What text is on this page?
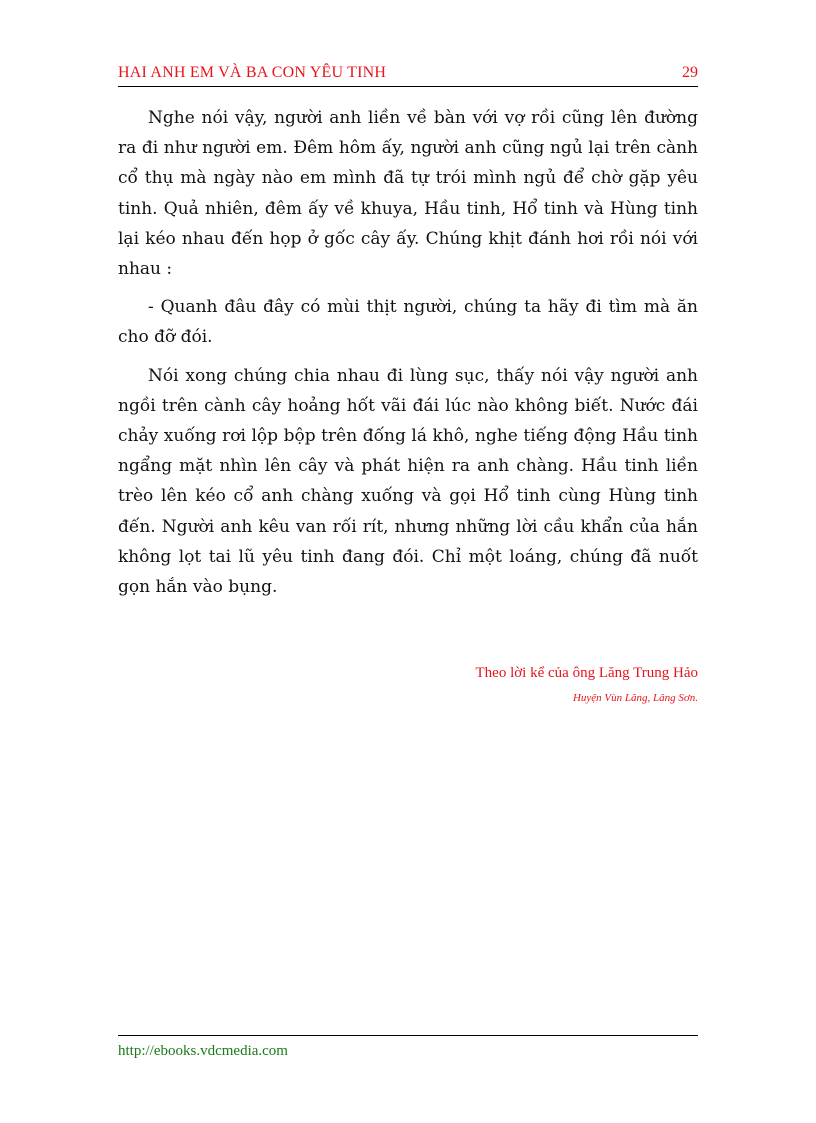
HAI ANH EM VÀ BA CON YÊU TINH	29

Nghe nói vậy, người anh liền về bàn với vợ rồi cũng lên đường ra đi như người em. Đêm hôm ấy, người anh cũng ngủ lại trên cành cổ thụ mà ngày nào em mình đã tự trói mình ngủ để chờ gặp yêu tinh. Quả nhiên, đêm ấy về khuya, Hầu tinh, Hổ tinh và Hùng tinh lại kéo nhau đến họp ở gốc cây ấy. Chúng khịt đánh hơi rồi nói với nhau :

- Quanh đâu đây có mùi thịt người, chúng ta hãy đi tìm mà ăn cho đỡ đói.

Nói xong chúng chia nhau đi lùng sục, thấy nói vậy người anh ngồi trên cành cây hoảng hốt vãi đái lúc nào không biết. Nước đái chảy xuống rơi lộp bộp trên đống lá khô, nghe tiếng động Hầu tinh ngẩng mặt nhìn lên cây và phát hiện ra anh chàng. Hầu tinh liền trèo lên kéo cổ anh chàng xuống và gọi Hổ tinh cùng Hùng tinh đến. Người anh kêu van rối rít, nhưng những lời cầu khẩn của hắn không lọt tai lũ yêu tinh đang đói. Chỉ một loáng, chúng đã nuốt gọn hắn vào bụng.

Theo lời kể của ông Lăng Trung Hảo
Huyện Vùn Lăng, Lăng Sơn.
http://ebooks.vdcmedia.com
